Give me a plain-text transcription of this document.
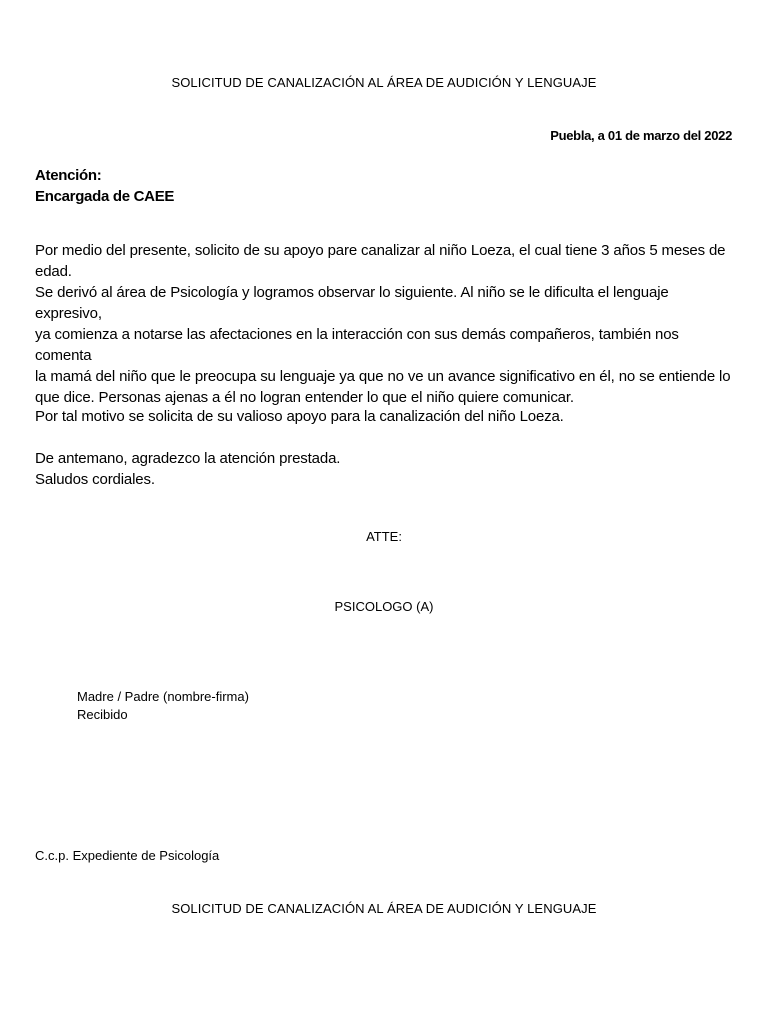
SOLICITUD DE CANALIZACIÓN AL ÁREA DE AUDICIÓN Y LENGUAJE

Puebla, a 01 de marzo del 2022

Atención:
Encargada de CAEE
Por medio del presente, solicito de su apoyo pare canalizar al niño Loeza, el cual tiene 3 años 5 meses de
edad.
Se derivó al área de Psicología y logramos observar lo siguiente. Al niño se le dificulta el lenguaje expresivo,
ya comienza a notarse las afectaciones en la interacción con sus demás compañeros, también nos comenta
la mamá del niño que le preocupa su lenguaje ya que no ve un avance significativo en él, no se entiende lo
que dice. Personas ajenas a él no logran entender lo que el niño quiere comunicar.
Por tal motivo se solicita de su valioso apoyo para la canalización del niño Loeza.
De antemano, agradezco la atención prestada.
Saludos cordiales.

ATTE:

PSICOLOGO (A)

Madre / Padre (nombre-firma)
Recibido

C.c.p. Expediente de Psicología

SOLICITUD DE CANALIZACIÓN AL ÁREA DE AUDICIÓN Y LENGUAJE
